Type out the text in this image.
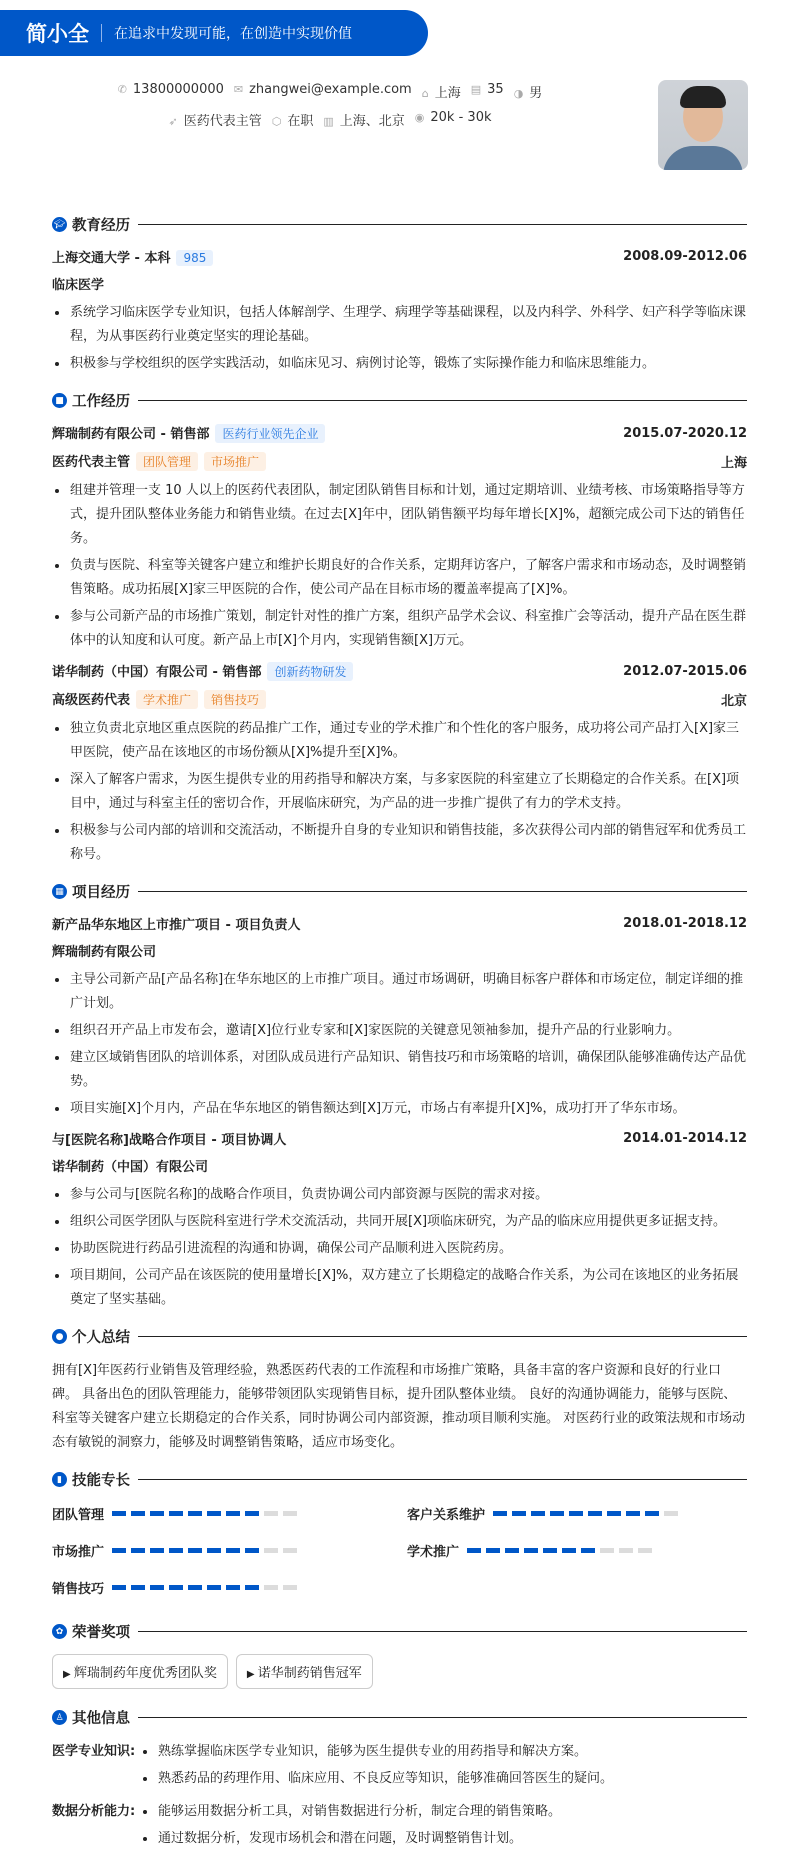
简小全 在追求中发现可能，在创造中实现价值
✆ 13800000000 ✉ zhangwei@example.com ⌂ 上海 ▤ 35 ◑ 男
➶ 医药代表主管 ⬡ 在职 ▥ 上海、北京 ◉ 20k - 30k
🎓︎ 教育经历
上海交通大学 - 本科 985	2008.09-2012.06
临床医学
系统学习临床医学专业知识，包括人体解剖学、生理学、病理学等基础课程，以及内科学、外科学、妇产科学等临床课程，为从事医药行业奠定坚实的理论基础。
积极参与学校组织的医学实践活动，如临床见习、病例讨论等，锻炼了实际操作能力和临床思维能力。
■ 工作经历
辉瑞制药有限公司 - 销售部 医药行业领先企业	2015.07-2020.12
医药代表主管 团队管理 市场推广	上海
组建并管理一支 10 人以上的医药代表团队，制定团队销售目标和计划，通过定期培训、业绩考核、市场策略指导等方式，提升团队整体业务能力和销售业绩。在过去[X]年中，团队销售额平均每年增长[X]%，超额完成公司下达的销售任务。
负责与医院、科室等关键客户建立和维护长期良好的合作关系，定期拜访客户，了解客户需求和市场动态，及时调整销售策略。成功拓展[X]家三甲医院的合作，使公司产品在目标市场的覆盖率提高了[X]%。
参与公司新产品的市场推广策划，制定针对性的推广方案，组织产品学术会议、科室推广会等活动，提升产品在医生群体中的认知度和认可度。新产品上市[X]个月内，实现销售额[X]万元。
诺华制药（中国）有限公司 - 销售部 创新药物研发	2012.07-2015.06
高级医药代表 学术推广 销售技巧	北京
独立负责北京地区重点医院的药品推广工作，通过专业的学术推广和个性化的客户服务，成功将公司产品打入[X]家三甲医院，使产品在该地区的市场份额从[X]%提升至[X]%。
深入了解客户需求，为医生提供专业的用药指导和解决方案，与多家医院的科室建立了长期稳定的合作关系。在[X]项目中，通过与科室主任的密切合作，开展临床研究，为产品的进一步推广提供了有力的学术支持。
积极参与公司内部的培训和交流活动，不断提升自身的专业知识和销售技能，多次获得公司内部的销售冠军和优秀员工称号。
▦ 项目经历
新产品华东地区上市推广项目 - 项目负责人	2018.01-2018.12
辉瑞制药有限公司
主导公司新产品[产品名称]在华东地区的上市推广项目。通过市场调研，明确目标客户群体和市场定位，制定详细的推广计划。
组织召开产品上市发布会，邀请[X]位行业专家和[X]家医院的关键意见领袖参加，提升产品的行业影响力。
建立区域销售团队的培训体系，对团队成员进行产品知识、销售技巧和市场策略的培训，确保团队能够准确传达产品优势。
项目实施[X]个月内，产品在华东地区的销售额达到[X]万元，市场占有率提升[X]%，成功打开了华东市场。
与[医院名称]战略合作项目 - 项目协调人	2014.01-2014.12
诺华制药（中国）有限公司
参与公司与[医院名称]的战略合作项目，负责协调公司内部资源与医院的需求对接。
组织公司医学团队与医院科室进行学术交流活动，共同开展[X]项临床研究，为产品的临床应用提供更多证据支持。
协助医院进行药品引进流程的沟通和协调，确保公司产品顺利进入医院药房。
项目期间，公司产品在该医院的使用量增长[X]%，双方建立了长期稳定的战略合作关系，为公司在该地区的业务拓展奠定了坚实基础。
● 个人总结

拥有[X]年医药行业销售及管理经验，熟悉医药代表的工作流程和市场推广策略，具备丰富的客户资源和良好的行业口碑。 具备出色的团队管理能力，能够带领团队实现销售目标，提升团队整体业绩。 良好的沟通协调能力，能够与医院、科室等关键客户建立长期稳定的合作关系，同时协调公司内部资源，推动项目顺利实施。 对医药行业的政策法规和市场动态有敏锐的洞察力，能够及时调整销售策略，适应市场变化。

▮ 技能专长
团队管理	客户关系维护
市场推广	学术推广
销售技巧
✿ 荣誉奖项
▶ 辉瑞制药年度优秀团队奖	▶ 诺华制药销售冠军
♙ 其他信息
医学专业知识:	熟练掌握临床医学专业知识，能够为医生提供专业的用药指导和解决方案。
熟悉药品的药理作用、临床应用、不良反应等知识，能够准确回答医生的疑问。
数据分析能力:	能够运用数据分析工具，对销售数据进行分析，制定合理的销售策略。
通过数据分析，发现市场机会和潜在问题，及时调整销售计划。
